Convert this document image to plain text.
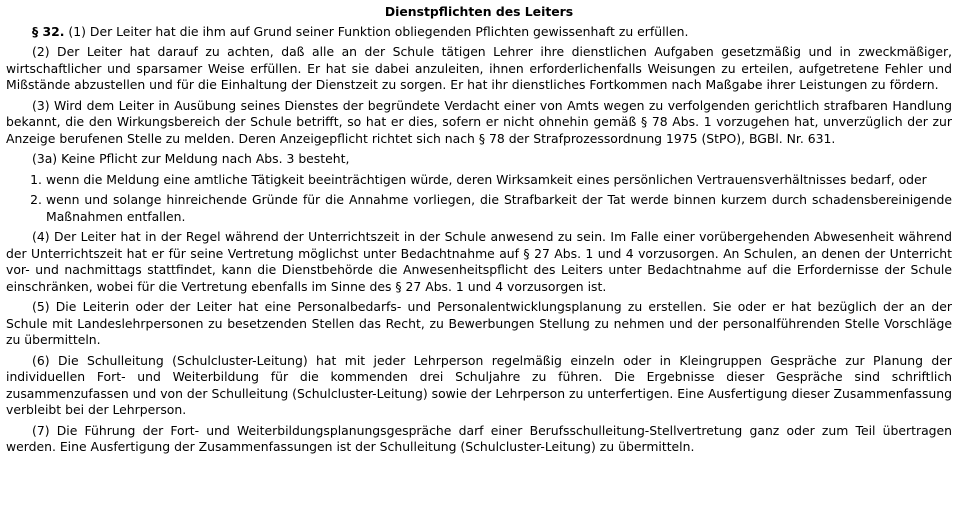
Dienstpflichten des Leiters

§ 32. (1) Der Leiter hat die ihm auf Grund seiner Funktion obliegenden Pflichten gewissenhaft zu erfüllen.

(2) Der Leiter hat darauf zu achten, daß alle an der Schule tätigen Lehrer ihre dienstlichen Aufgaben gesetzmäßig und in zweckmäßiger, wirtschaftlicher und sparsamer Weise erfüllen. Er hat sie dabei anzuleiten, ihnen erforderlichenfalls Weisungen zu erteilen, aufgetretene Fehler und Mißstände abzustellen und für die Einhaltung der Dienstzeit zu sorgen. Er hat ihr dienstliches Fortkommen nach Maßgabe ihrer Leistungen zu fördern.

(3) Wird dem Leiter in Ausübung seines Dienstes der begründete Verdacht einer von Amts wegen zu verfolgenden gerichtlich strafbaren Handlung bekannt, die den Wirkungsbereich der Schule betrifft, so hat er dies, sofern er nicht ohnehin gemäß § 78 Abs. 1 vorzugehen hat, unverzüglich der zur Anzeige berufenen Stelle zu melden. Deren Anzeigepflicht richtet sich nach § 78 der Strafprozessordnung 1975 (StPO), BGBl. Nr. 631.

(3a) Keine Pflicht zur Meldung nach Abs. 3 besteht,

1. wenn die Meldung eine amtliche Tätigkeit beeinträchtigen würde, deren Wirksamkeit eines persönlichen Vertrauensverhältnisses bedarf, oder
2. wenn und solange hinreichende Gründe für die Annahme vorliegen, die Strafbarkeit der Tat werde binnen kurzem durch schadensbereinigende Maßnahmen entfallen.

(4) Der Leiter hat in der Regel während der Unterrichtszeit in der Schule anwesend zu sein. Im Falle einer vorübergehenden Abwesenheit während der Unterrichtszeit hat er für seine Vertretung möglichst unter Bedachtnahme auf § 27 Abs. 1 und 4 vorzusorgen. An Schulen, an denen der Unterricht vor- und nachmittags stattfindet, kann die Dienstbehörde die Anwesenheitspflicht des Leiters unter Bedachtnahme auf die Erfordernisse der Schule einschränken, wobei für die Vertretung ebenfalls im Sinne des § 27 Abs. 1 und 4 vorzusorgen ist.

(5) Die Leiterin oder der Leiter hat eine Personalbedarfs- und Personalentwicklungsplanung zu erstellen. Sie oder er hat bezüglich der an der Schule mit Landeslehrpersonen zu besetzenden Stellen das Recht, zu Bewerbungen Stellung zu nehmen und der personalführenden Stelle Vorschläge zu übermitteln.

(6) Die Schulleitung (Schulcluster-Leitung) hat mit jeder Lehrperson regelmäßig einzeln oder in Kleingruppen Gespräche zur Planung der individuellen Fort- und Weiterbildung für die kommenden drei Schuljahre zu führen. Die Ergebnisse dieser Gespräche sind schriftlich zusammenzufassen und von der Schulleitung (Schulcluster-Leitung) sowie der Lehrperson zu unterfertigen. Eine Ausfertigung dieser Zusammenfassung verbleibt bei der Lehrperson.

(7) Die Führung der Fort- und Weiterbildungsplanungsgespräche darf einer Berufsschulleitung-Stellvertretung ganz oder zum Teil übertragen werden. Eine Ausfertigung der Zusammenfassungen ist der Schulleitung (Schulcluster-Leitung) zu übermitteln.
